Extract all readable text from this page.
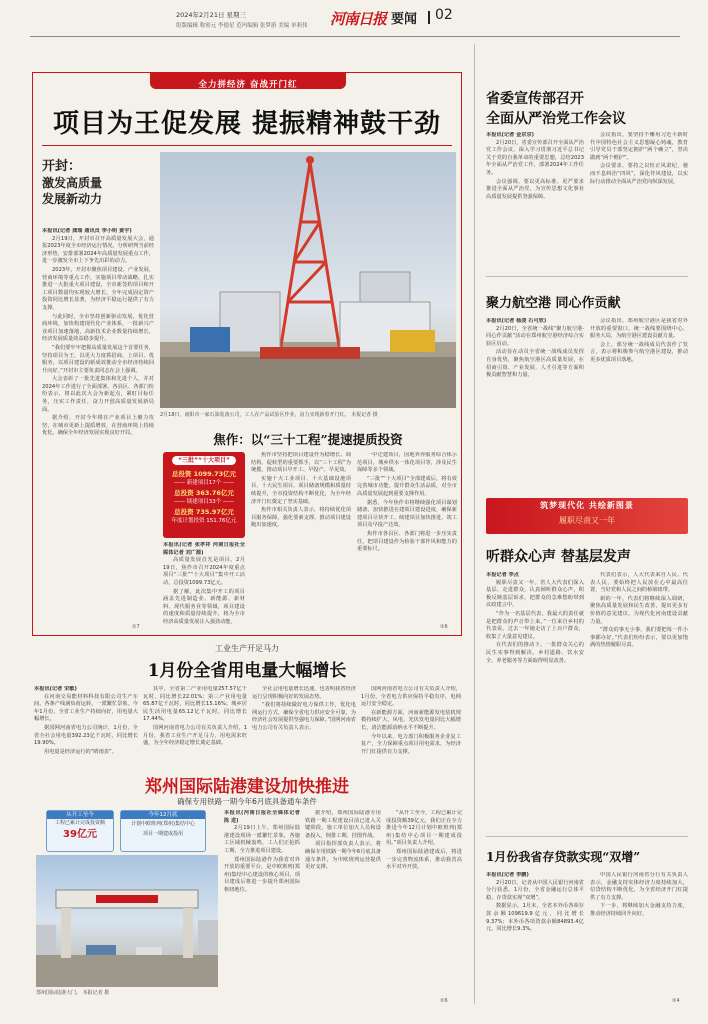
2024年2月21日 星期三
组版编辑 称密元 李德星 范玛编辑 张梦游 美编 单莉伟 河南日报 要闻 02
全力拼经济 奋战开门红
项目为王促发展 提振精神鼓干劲
开封：
激发高质量
发展新动力
本报讯(记者 龚瑞 通讯员 李小明 黄宇)

2月19日，开封市召开高质量发展大会，通报2023年度全市经济运行情况，分析研判当前经济形势，安排部署2024年高质量发展重点工作，进一步激发全市上下争先出彩的动力。

2023年，开封市聚焦项目建设、产业发展、营商环境等重点工作，实施项目带动战略，扎实推进一大批重大项目建设，全市新签约项目和开工项目数量均实现较大增长，全年完成固定资产投资同比增长显著，为经济平稳运行提供了有力支撑。

与此同时，全市坚持创新驱动发展，优化营商环境，加快构建现代化产业体系，一批新兴产业项目加速落地，高新技术企业数量持续增长，经济发展质量效益稳步提升。

“我们要牢牢把握高质量发展这个首要任务，坚持项目为王，以更大力度抓招商、上项目、优服务，以项目建设的新成效推动全市经济持续回升向好。”开封市主要负责同志在会上强调。

大会表彰了一批先进集体和先进个人，并对2024年工作进行了全面部署。各县区、各部门纷纷表示，将以此次大会为新起点，紧盯目标任务，压实工作责任，奋力开创高质量发展新局面。

据介绍，开封今年将在产业项目上聚力攻坚，在城市更新上提质增效，在营商环境上持续优化，确保全年经济发展实现良好开局。

2月18日，南阳市一家石油装备公司，工人在产品试验区作业，奋力实现新春开门红。 本报记者 摄
焦作：以“三十工程”提速提质投资
“三批”“十大项目”
总投资 1099.73亿元
—— 新建项目17个 ——
总投资 363.76亿元
—— 续建项目33个 ——
总投资 735.97亿元
年度计划投资 151.76亿元
本报讯(记者 张孝祥 河南日报社全媒体记者 刘广源)

高质量发展首先是项目。2月19日，焦作市召开2024年度重点项目“三批”“十大项目”集中开工活动，总投资1099.73亿元。

据了解，此次集中开工的项目涵盖先进制造业、新能源、新材料、现代服务业等领域，项目建设的速度和质量持续提升，将为全市经济高质量发展注入强劲动能。

焦作市坚持把项目建设作为稳增长、调结构、促转型的重要抓手，以“三十工程”为统揽，推动项目早开工、早投产、早见效。

实施十大工业项目、十大基础设施项目、十大民生项目，项目储备规模和质量持续提升，全市投资结构不断优化，为全年经济开门红奠定了坚实基础。

焦作市相关负责人表示，将持续优化项目服务保障，强化要素支撑，推动项目建设跑出加速度。

一中迁建项目，因地养养服务综合体示范项目，城乡供水一体化项目等，涉及民生保障等多个领域。

“三批”“十大项目”全部建成后，将有效完善城市功能，提升群众生活品质，对全市高质量发展起到重要支撑作用。

据悉，今年焦作市将继续强化项目谋划储备，加快推进在建项目建设进度，确保新建项目尽快开工、续建项目加快推进、竣工项目及早投产达效。

焦作市各县区、各部门将进一步压实责任，把项目建设作为检验干部作风和能力的重要标尺。

工业生产开足马力
1月份全省用电量大幅增长
本报讯(记者 宋敏)

在河南交易能材料科技有限公司生产车间，各条产线满负荷运转，一派繁忙景象。今年1月份，全省工业生产持续向好，用电量大幅增长。

据国网河南省电力公司统计，1月份，全省全社会用电量392.23亿千瓦时，同比增长19.90%。

用电量是经济运行的“晴雨表”。

其中，全省第二产业用电量257.57亿千瓦时，同比增长22.01%；第三产业用电量65.87亿千瓦时，同比增长15.16%；城乡居民生活用电量65.12亿千瓦时，同比增长17.44%。

国网河南省电力公司有关负责人介绍，1月份，我省工业生产开足马力，用电需求旺盛，为全年经济稳定增长奠定基础。

全社会用电量增长迅速，也表明我省经济运行呈现积极向好的发展态势。

“我们将持续做好电力保供工作，优化电网运行方式，确保全省电力供应安全可靠，为经济社会发展提供坚强电力保障。”国网河南省电力公司有关负责人表示。

国网河南省电力公司有关负责人介绍，1月份，全省电力供应保持平稳有序，电网运行安全稳定。

在新能源方面，河南新能源发电装机规模持续扩大，风电、光伏发电量同比大幅增长，清洁能源消纳水平不断提升。

今年以来，电力部门积极服务企业复工复产，全力保障重点项目用电需求，为经济开门红提供有力支撑。

郑州国际陆港建设加快推进
确保专用铁路一期今年6月底具备通车条件
从开工至今
工程已累计完成投资额
39亿元
今年12月底
计划中欧班列(郑州)集结中心
项目一期建成投用
郑州国际陆港大门。 本报记者 摄
本报讯(河南日报社全媒体记者 陈 进)

2月19日上午，郑州国际陆港建设现场一派繁忙景象，各施工区域机械轰鸣，工人们正抢抓工期，全力推进项目建设。

郑州国际陆港作为我省对外开放的重要平台，是中欧班列(郑州)集结中心建设的核心项目，项目建成后将进一步提升郑州国际枢纽地位。

据介绍，郑州国际陆港专用铁路一期工程建设目前已进入关键阶段，施工单位加大人员和设备投入，倒排工期、挂图作战。

项目指挥部负责人表示，将确保专用铁路一期今年6月底具备通车条件，为中欧班列运营提供更好支撑。

“从开工至今，工程已累计完成投资额39亿元，我们正在全力推进今年12月计划中欧班列(郑州)集结中心项目一期建成投用。”项目负责人介绍。

郑州国际陆港建成后，将进一步完善物流体系，推动我省高水平对外开放。

省委宣传部召开
全面从严治党工作会议
本报讯(记者 金京京)

2月20日，省委宣传部召开全面从严治党工作会议，深入学习贯彻习近平总书记关于党的自我革命的重要思想，总结2023年全面从严治党工作，部署2024年工作任务。

会议强调，要以更高标准、更严要求推进全面从严治党，为宣传思想文化事业高质量发展提供坚强保障。

会议指出，要坚持不懈用习近平新时代中国特色社会主义思想凝心铸魂，教育引导党员干部坚定拥护“两个确立”，坚决做到“两个维护”。

会议要求，要持之以恒正风肃纪，驰而不息纠治“四风”，深化作风建设，以实际行动推动全面从严治党向纵深发展。

聚力航空港 同心作贡献
本报讯(记者 杨凌 石可欣)

2月20日，全省统一战线“聚力航空港·同心作贡献”活动在郑州航空港经济综合实验区启动。

活动旨在动员全省统一战线成员发挥自身优势，聚焦航空港区高质量发展，在招商引资、产业发展、人才引进等方面积极贡献智慧和力量。

会议指出，郑州航空港区是我省对外开放的重要窗口，统一战线要围绕中心、服务大局，为航空港区建设贡献力量。

会上，部分统一战线成员代表作了发言，表示将积极参与航空港区建设，推动更多优质项目落地。

筑梦现代化 共绘新图景
履职尽责又一年
听群众心声 替基层发声
本报记者 李点

履职尽责又一年。省人大代表们深入基层、走进群众，认真倾听群众心声，积极反映基层诉求，把群众的急难愁盼带到议政建言中。

“作为一名基层代表，我最大的责任就是把群众的声音带上来。”一位来自乡村的代表说，过去一年她走访了上百户群众，收集了大量意见建议。

在代表们的推动下，一批群众关心的民生实事得到解决，乡村道路、饮水安全、养老服务等方面取得明显改善。

代表们表示，人大代表来自人民、代表人民，要始终把人民放在心中最高位置，当好党和人民之间的桥梁纽带。

新的一年，代表们将继续深入调研，聚焦高质量发展和民生改善，提出更多有价值的意见建议，为现代化河南建设贡献力量。

“群众的事无小事，我们要把每一件小事都办好。”代表们纷纷表示，要以更加饱满的热情履职尽责。

1月份我省存贷款实现“双增”
本报讯(记者 李鹏)

2月20日，记者从中国人民银行河南省分行获悉，1月份，全省金融运行总体平稳，存贷款实现“双增”。

数据显示，1月末，全省本外币各项存款余额109619.9亿元，同比增长9.37%；本外币各项贷款余额84893.4亿元，同比增长9.3%。

中国人民银行河南省分行有关负责人表示，金融支持实体经济力度持续加大，信贷结构不断优化，为全省经济开门红提供了有力支撑。

下一步，将继续加大金融支持力度，推动经济持续回升向好。

②7	②6
②6	②4
